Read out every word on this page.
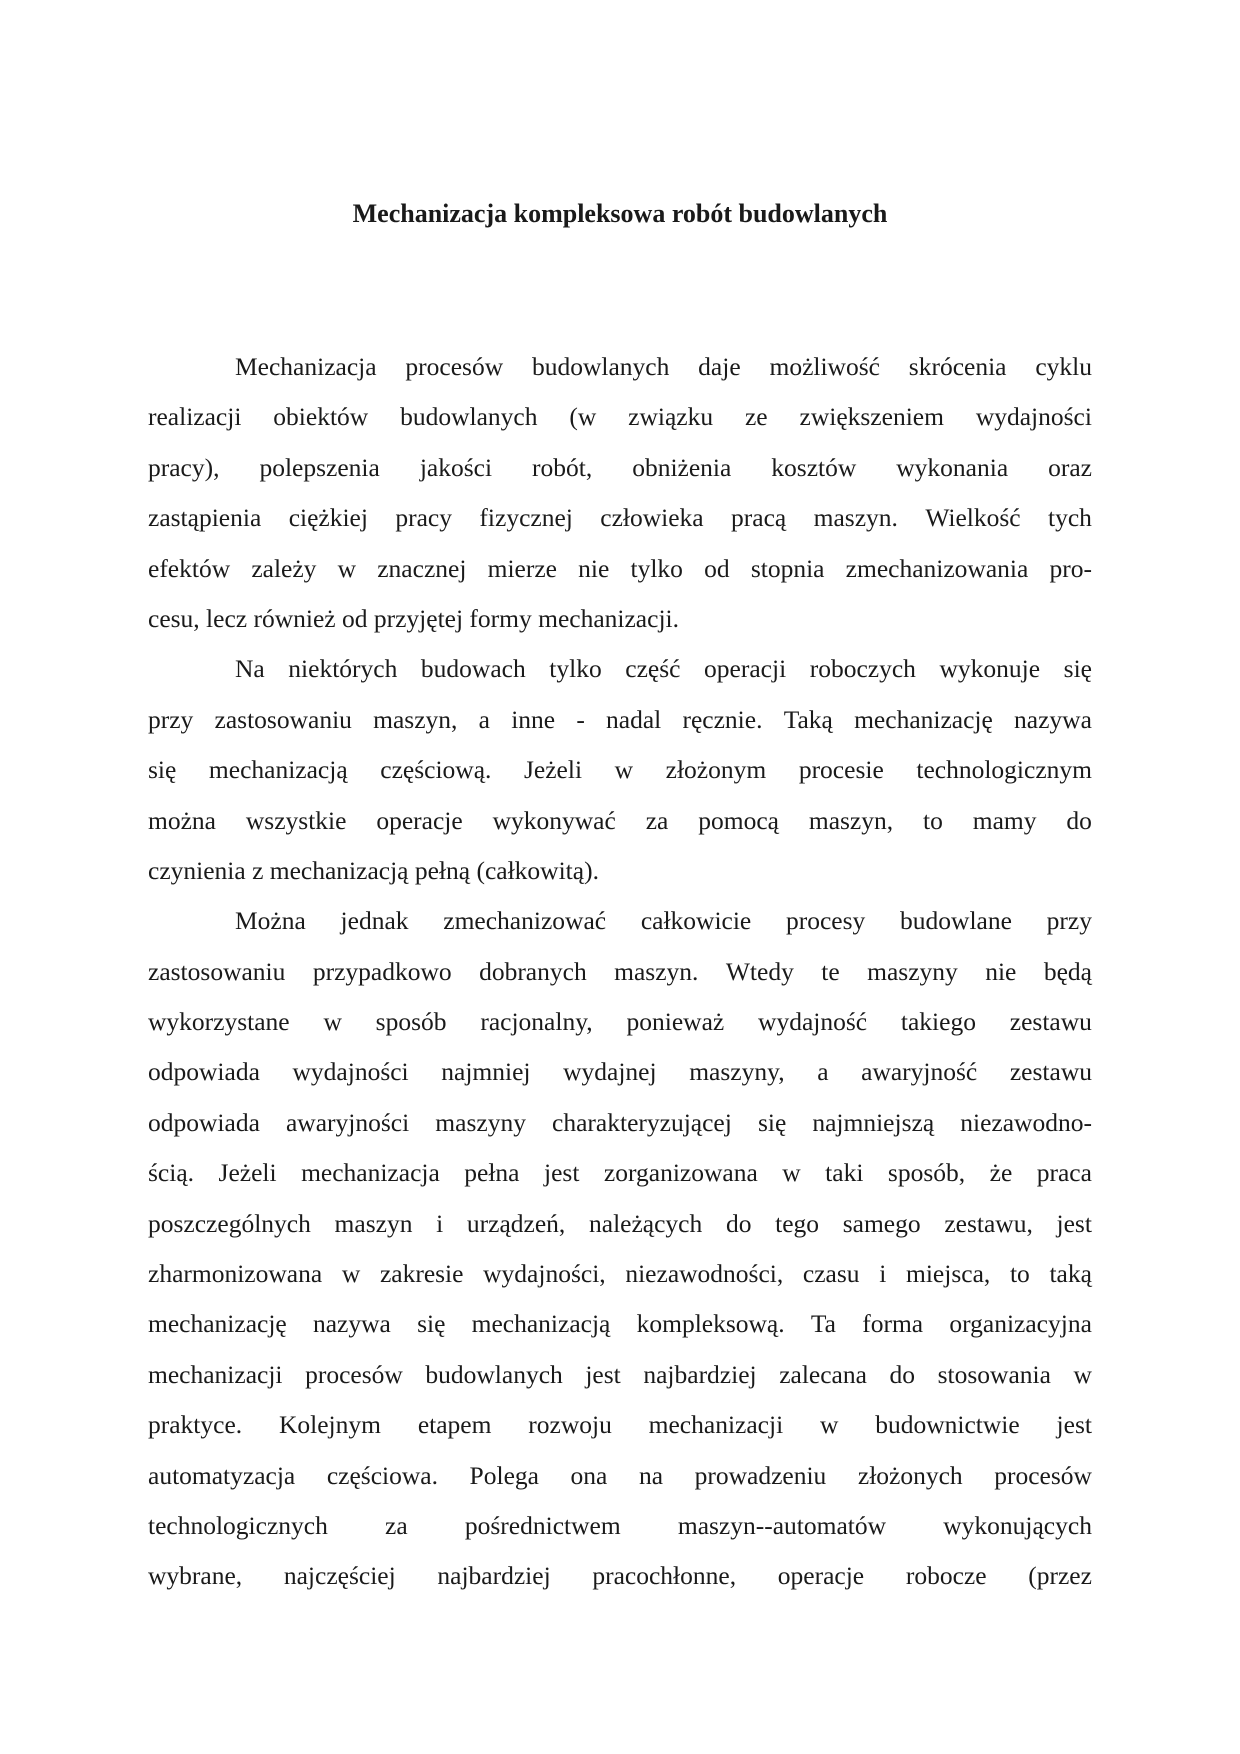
Mechanizacja kompleksowa robót budowlanych
Mechanizacja procesów budowlanych daje możliwość skrócenia cyklu
realizacji obiektów budowlanych (w związku ze zwiększeniem wydajności
pracy), polepszenia jakości robót, obniżenia kosztów wykonania oraz
zastąpienia ciężkiej pracy fizycznej człowieka pracą maszyn. Wielkość tych
efektów zależy w znacznej mierze nie tylko od stopnia zmechanizowania pro-
cesu, lecz również od przyjętej formy mechanizacji.
Na niektórych budowach tylko część operacji roboczych wykonuje się
przy zastosowaniu maszyn, a inne - nadal ręcznie. Taką mechanizację nazywa
się mechanizacją częściową. Jeżeli w złożonym procesie technologicznym
można wszystkie operacje wykonywać za pomocą maszyn, to mamy do
czynienia z mechanizacją pełną (całkowitą).
Można jednak zmechanizować całkowicie procesy budowlane przy
zastosowaniu przypadkowo dobranych maszyn. Wtedy te maszyny nie będą
wykorzystane w sposób racjonalny, ponieważ wydajność takiego zestawu
odpowiada wydajności najmniej wydajnej maszyny, a awaryjność zestawu
odpowiada awaryjności maszyny charakteryzującej się najmniejszą niezawodno-
ścią. Jeżeli mechanizacja pełna jest zorganizowana w taki sposób, że praca
poszczególnych maszyn i urządzeń, należących do tego samego zestawu, jest
zharmonizowana w zakresie wydajności, niezawodności, czasu i miejsca, to taką
mechanizację nazywa się mechanizacją kompleksową. Ta forma organizacyjna
mechanizacji procesów budowlanych jest najbardziej zalecana do stosowania w
praktyce. Kolejnym etapem rozwoju mechanizacji w budownictwie jest
automatyzacja częściowa. Polega ona na prowadzeniu złożonych procesów
technologicznych za pośrednictwem maszyn--automatów wykonujących
wybrane, najczęściej najbardziej pracochłonne, operacje robocze (przez
